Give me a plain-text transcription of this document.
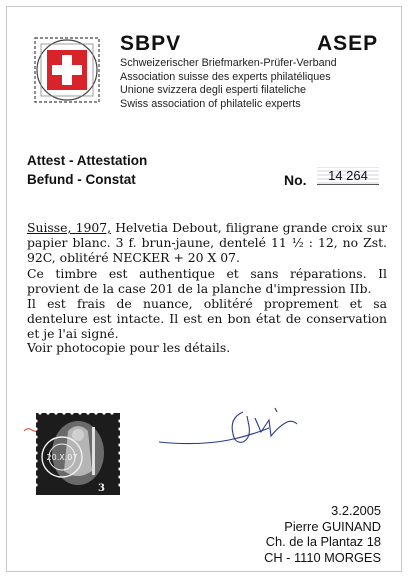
SBPV	ASEP
Schweizerischer Briefmarken-Prüfer-Verband
Association suisse des experts philatéliques
Unione svizzera degli esperti filateliche
Swiss association of philatelic experts
Attest - Attestation
Befund - Constat	No.	14 264

Suisse, 1907, Helvetia Debout, filigrane grande croix sur papier blanc. 3 f. brun-jaune, dentelé 11 ½ : 12, no Zst. 92C, oblitéré NECKER + 20 X 07.

Ce timbre est authentique et sans réparations. Il provient de la case 201 de la planche d'impression IIb.

Il est frais de nuance, oblitéré proprement et sa dentelure est intacte. Il est en bon état de conservation et je l'ai signé.

Voir photocopie pour les détails.

20.X.07
3
3.2.2005
Pierre GUINAND
Ch. de la Plantaz 18
CH - 1110 MORGES
